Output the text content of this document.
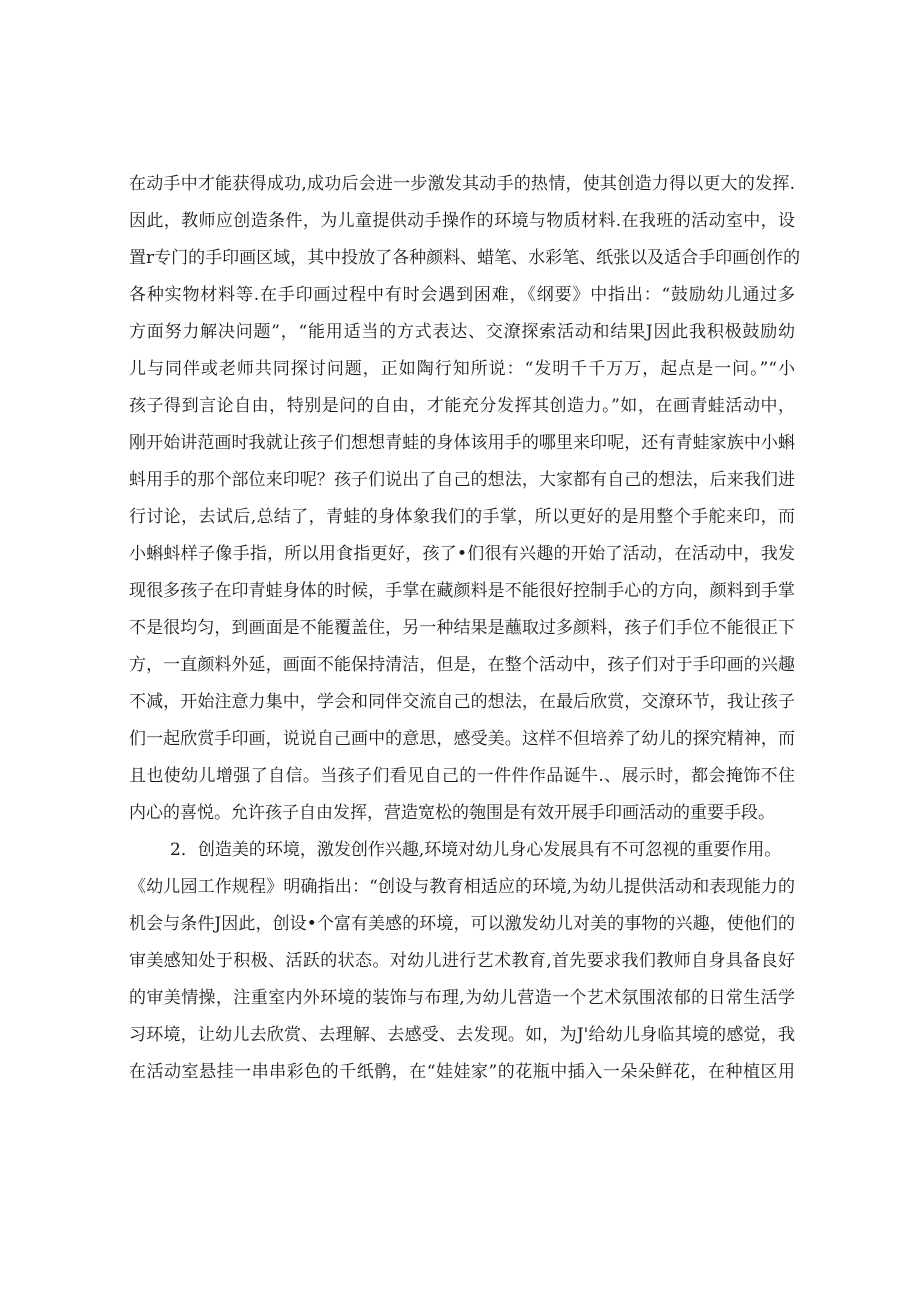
在动手中才能获得成功,成功后会进一步激发其动手的热情，使其创造力得以更大的发挥.
因此，教师应创造条件，为儿童提供动手操作的环境与物质材料.在我班的活动室中，设
置r专门的手印画区域，其中投放了各种颜料、蜡笔、水彩笔、纸张以及适合手印画创作的
各种实物材料等.在手印画过程中有时会遇到困难，《纲要》中指出：“鼓励幼儿通过多
方面努力解决问题”，“能用适当的方式表达、交潦探索活动和结果J因此我积极鼓励幼
儿与同伴或老师共同探讨问题，正如陶行知所说：“发明千千万万，起点是一问。”“小
孩子得到言论自由，特别是问的自由，才能充分发挥其创造力。”如，在画青蛙活动中，
刚开始讲范画时我就让孩子们想想青蛙的身体该用手的哪里来印呢，还有青蛙家族中小蝌
蚪用手的那个部位来印呢？孩子们说出了自己的想法，大家都有自己的想法，后来我们进
行讨论，去试后,总结了，青蛙的身体象我们的手掌，所以更好的是用整个手舵来印，而
小蝌蚪样子像手指，所以用食指更好，孩了•们很有兴趣的开始了活动，在活动中，我发
现很多孩子在印青蛙身体的时候，手掌在藏颜料是不能很好控制手心的方向，颜料到手掌
不是很均匀，到画面是不能覆盖住，另一种结果是蘸取过多颜料，孩子们手位不能很正下
方，一直颜料外延，画面不能保持清洁，但是，在整个活动中，孩子们对于手印画的兴趣
不减，开始注意力集中，学会和同伴交流自己的想法，在最后欣赏，交潦环节，我让孩子
们一起欣赏手印画，说说自己画中的意思，感受美。这样不但培养了幼儿的探究精神，而
且也使幼儿增强了自信。当孩子们看见自己的一件件作品诞牛.、展示时，都会掩饰不住
内心的喜悦。允许孩子自由发挥，营造宽松的匏围是有效开展手印画活动的重要手段。
2．创造美的环境，激发创作兴趣,环境对幼儿身心发展具有不可忽视的重要作用。
《幼儿园工作规程》明确指出：“创设与教育相适应的环境,为幼儿提供活动和表现能力的
机会与条件J因此，创设•个富有美感的环境，可以激发幼儿对美的事物的兴趣，使他们的
审美感知处于积极、活跃的状态。对幼儿进行艺术教育,首先要求我们教师自身具备良好
的审美情操，注重室内外环境的装饰与布理,为幼儿营造一个艺术氛围浓郁的日常生活学
习环境，让幼儿去欣赏、去理解、去感受、去发现。如，为J'给幼儿身临其境的感觉，我
在活动室悬挂一串串彩色的千纸鹘，在“娃娃家”的花瓶中插入一朵朵鲜花，在种植区用
